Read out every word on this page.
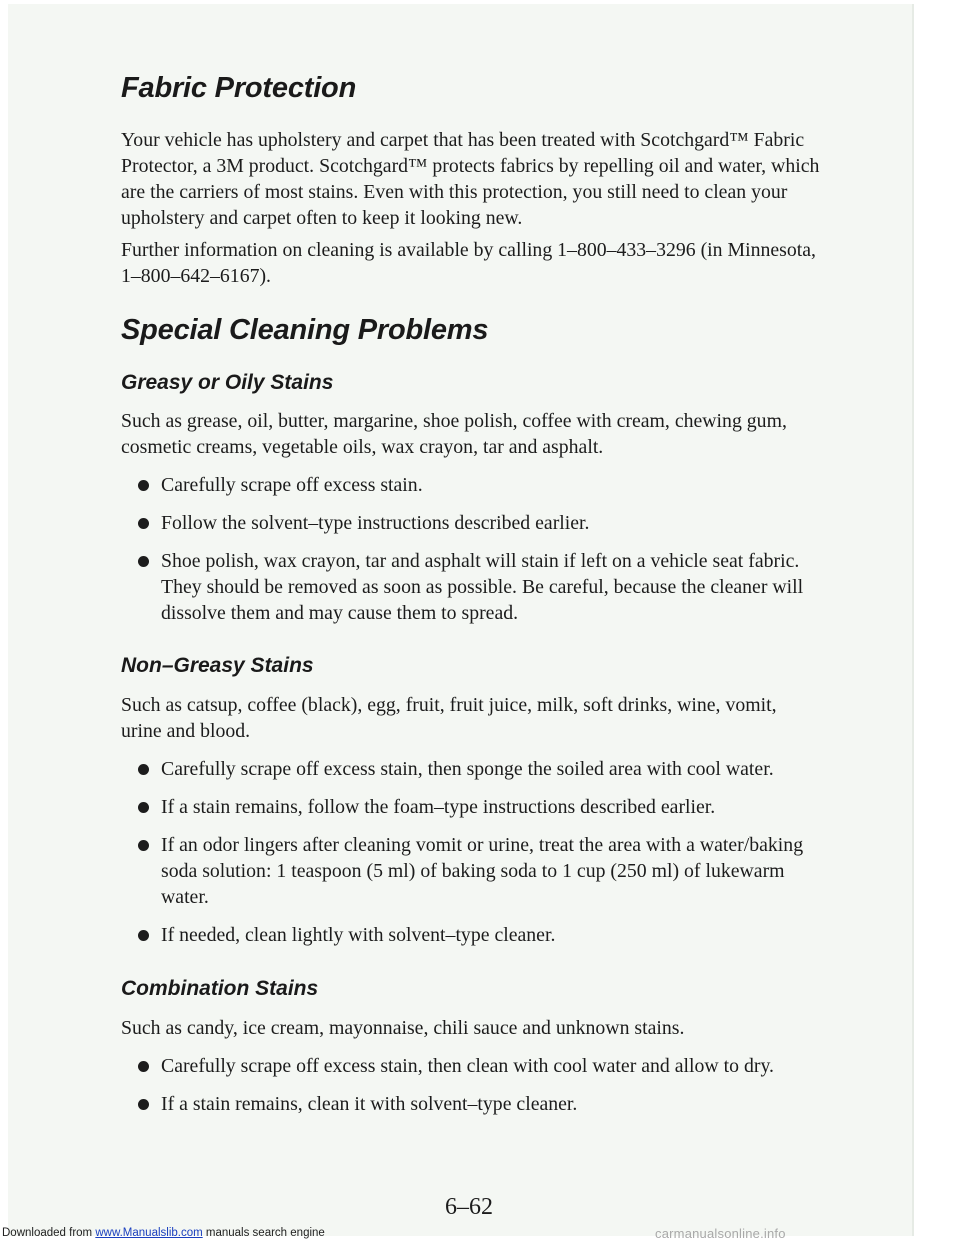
Fabric Protection

Your vehicle has upholstery and carpet that has been treated with Scotchgard™ Fabric Protector, a 3M product. Scotchgard™ protects fabrics by repelling oil and water, which are the carriers of most stains. Even with this protection, you still need to clean your upholstery and carpet often to keep it looking new.

Further information on cleaning is available by calling 1–800–433–3296 (in Minnesota, 1–800–642–6167).

Special Cleaning Problems
Greasy or Oily Stains

Such as grease, oil, butter, margarine, shoe polish, coffee with cream, chewing gum, cosmetic creams, vegetable oils, wax crayon, tar and asphalt.

Carefully scrape off excess stain.
Follow the solvent–type instructions described earlier.
Shoe polish, wax crayon, tar and asphalt will stain if left on a vehicle seat fabric. They should be removed as soon as possible. Be careful, because the cleaner will dissolve them and may cause them to spread.
Non–Greasy Stains

Such as catsup, coffee (black), egg, fruit, fruit juice, milk, soft drinks, wine, vomit, urine and blood.

Carefully scrape off excess stain, then sponge the soiled area with cool water.
If a stain remains, follow the foam–type instructions described earlier.
If an odor lingers after cleaning vomit or urine, treat the area with a water/baking soda solution: 1 teaspoon (5 ml) of baking soda to 1 cup (250 ml) of lukewarm water.
If needed, clean lightly with solvent–type cleaner.
Combination Stains

Such as candy, ice cream, mayonnaise, chili sauce and unknown stains.

Carefully scrape off excess stain, then clean with cool water and allow to dry.
If a stain remains, clean it with solvent–type cleaner.
6–62
Downloaded from www.Manualslib.com manuals search engine	carmanualsonline.info
